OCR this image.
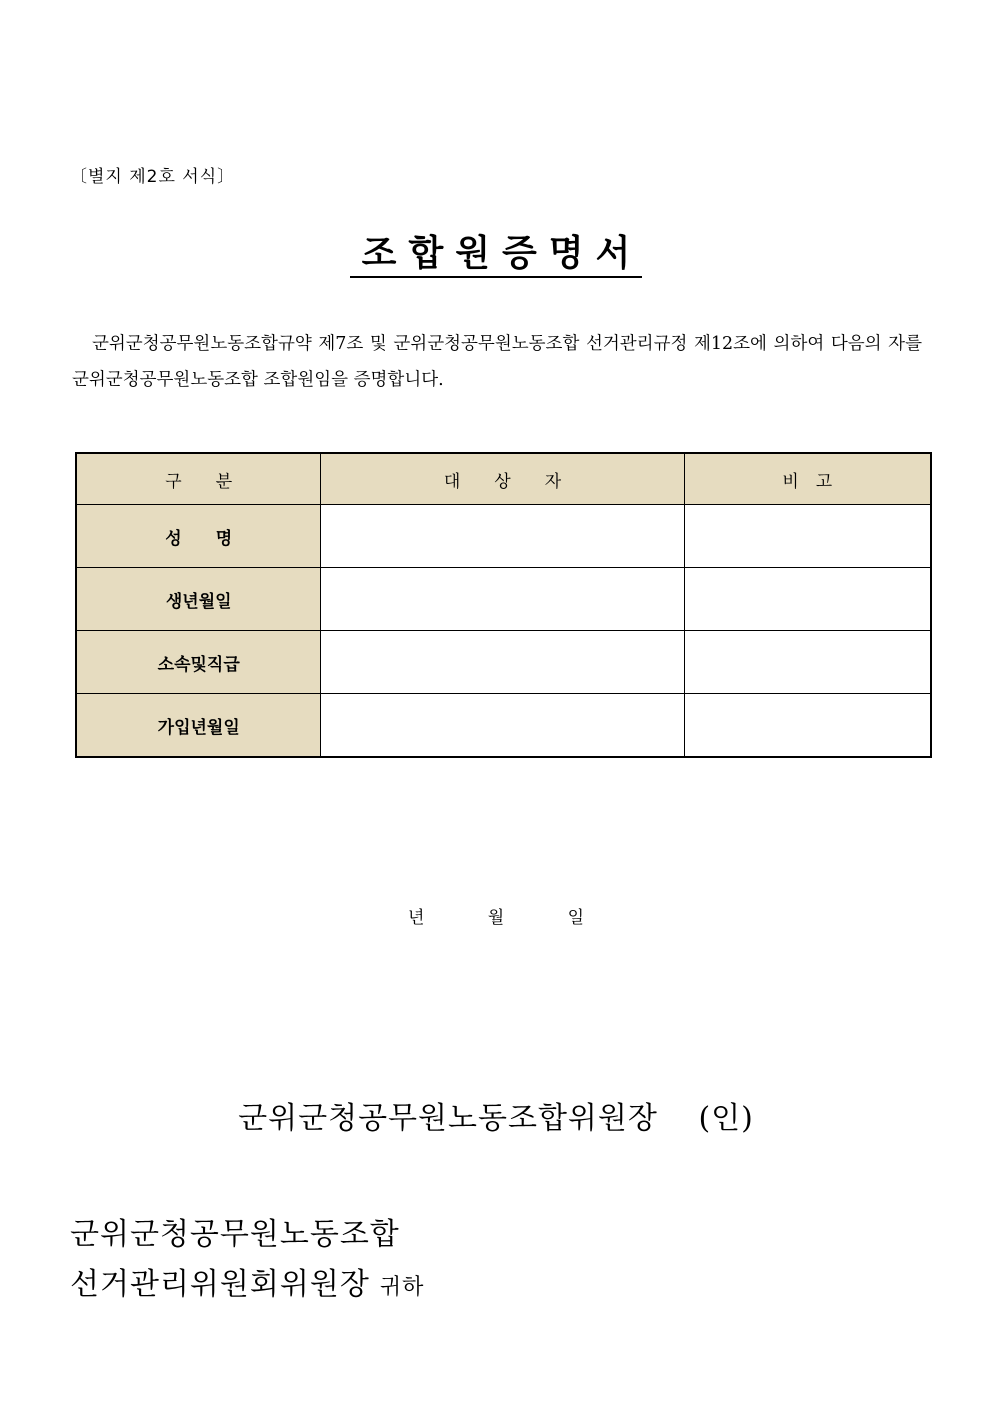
〔별지 제2호 서식〕
조합원증명서
군위군청공무원노동조합규약 제7조 및 군위군청공무원노동조합 선거관리규정 제12조에 의하여 다음의 자를 군위군청공무원노동조합 조합원임을 증명합니다.
구　　분	대　　상　　자	비　고
성　　명		
생년월일		
소속및직급		
가입년월일		
년	월	일
군위군청공무원노동조합위원장 (인)
군위군청공무원노동조합
선거관리위원회위원장 귀하
